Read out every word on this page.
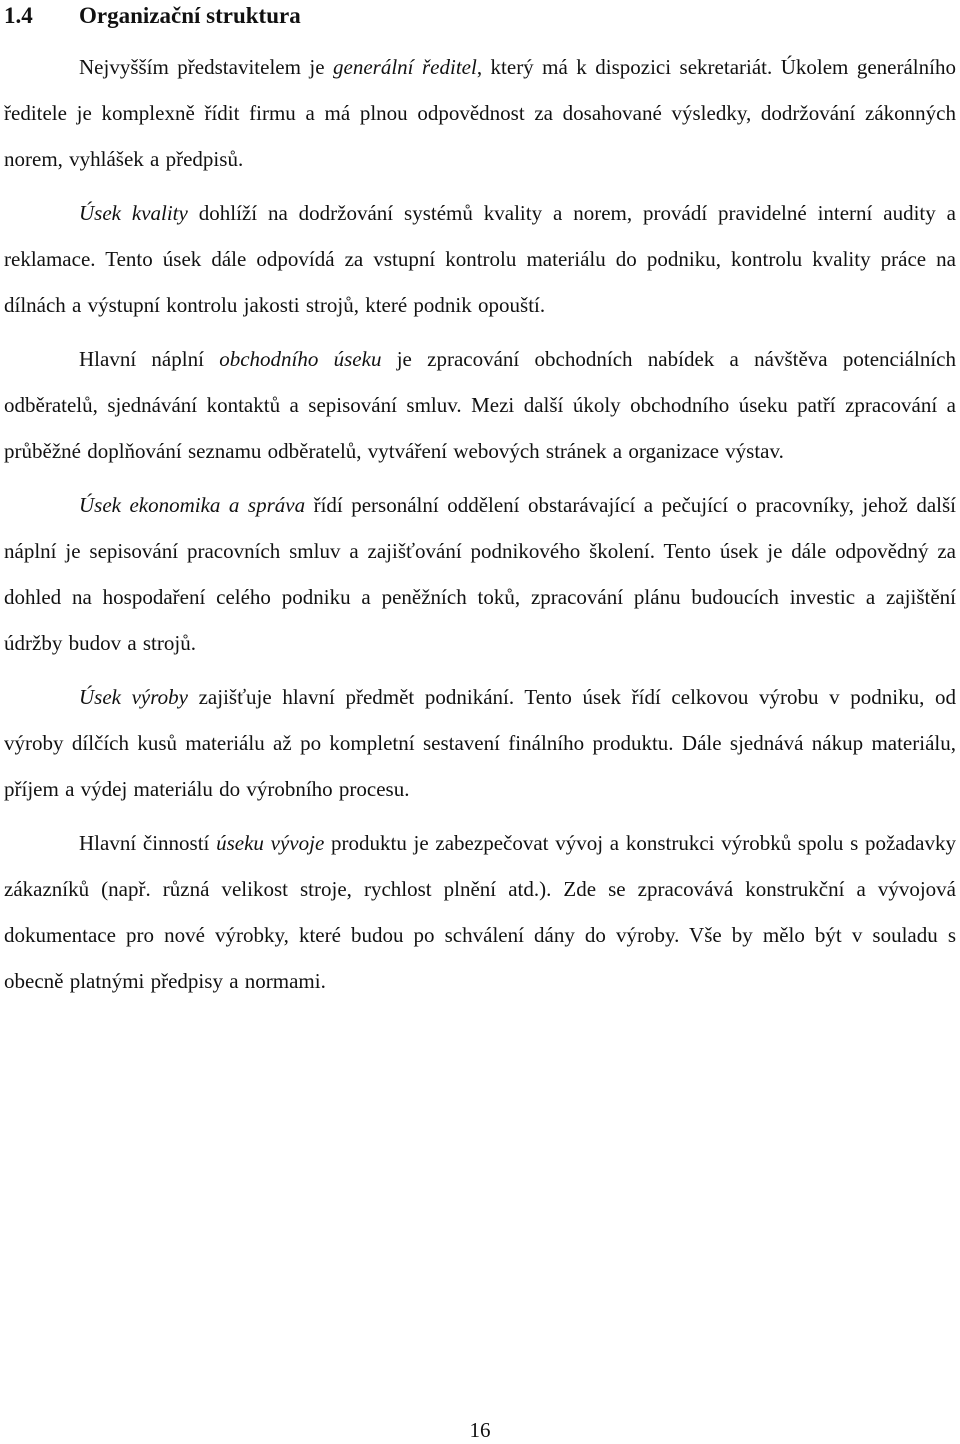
1.4	Organizační struktura

Nejvyšším představitelem je generální ředitel, který má k dispozici sekretariát. Úkolem generálního ředitele je komplexně řídit firmu a má plnou odpovědnost za dosahované výsledky, dodržování zákonných norem, vyhlášek a předpisů.

Úsek kvality dohlíží na dodržování systémů kvality a norem, provádí pravidelné interní audity a reklamace. Tento úsek dále odpovídá za vstupní kontrolu materiálu do podniku, kontrolu kvality práce na dílnách a výstupní kontrolu jakosti strojů, které podnik opouští.

Hlavní náplní obchodního úseku je zpracování obchodních nabídek a návštěva potenciálních odběratelů, sjednávání kontaktů a sepisování smluv. Mezi další úkoly obchodního úseku patří zpracování a průběžné doplňování seznamu odběratelů, vytváření webových stránek a organizace výstav.

Úsek ekonomika a správa řídí personální oddělení obstarávající a pečující o pracovníky, jehož další náplní je sepisování pracovních smluv a zajišťování podnikového školení. Tento úsek je dále odpovědný za dohled na hospodaření celého podniku a peněžních toků, zpracování plánu budoucích investic a zajištění údržby budov a strojů.

Úsek výroby zajišťuje hlavní předmět podnikání. Tento úsek řídí celkovou výrobu v podniku, od výroby dílčích kusů materiálu až po kompletní sestavení finálního produktu. Dále sjednává nákup materiálu, příjem a výdej materiálu do výrobního procesu.

Hlavní činností úseku vývoje produktu je zabezpečovat vývoj a konstrukci výrobků spolu s požadavky zákazníků (např. různá velikost stroje, rychlost plnění atd.). Zde se zpracovává konstrukční a vývojová dokumentace pro nové výrobky, které budou po schválení dány do výroby. Vše by mělo být v souladu s obecně platnými předpisy a normami.

16
